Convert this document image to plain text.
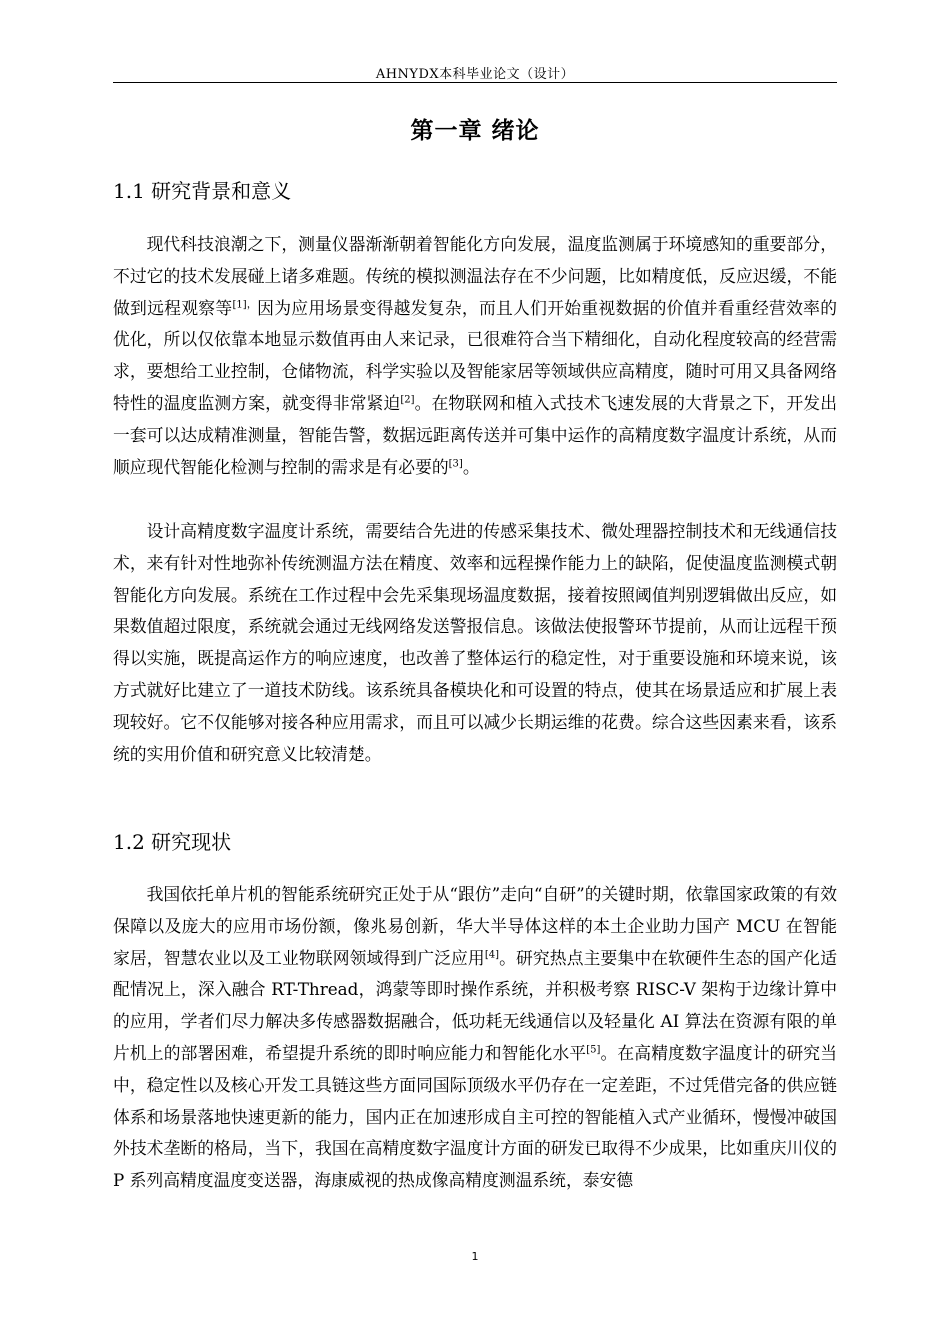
AHNYDX本科毕业论文（设计）
第一章 绪论
1.1 研究背景和意义

现代科技浪潮之下，测量仪器渐渐朝着智能化方向发展，温度监测属于环境感知的重要部分，不过它的技术发展碰上诸多难题。传统的模拟测温法存在不少问题，比如精度低，反应迟缓，不能做到远程观察等$^{[1],}$因为应用场景变得越发复杂，而且人们开始重视数据的价值并看重经营效率的优化，所以仅依靠本地显示数值再由人来记录，已很难符合当下精细化，自动化程度较高的经营需求，要想给工业控制，仓储物流，科学实验以及智能家居等领域供应高精度，随时可用又具备网络特性的温度监测方案，就变得非常紧迫[2]。在物联网和植入式技术飞速发展的大背景之下，开发出一套可以达成精准测量，智能告警，数据远距离传送并可集中运作的高精度数字温度计系统，从而顺应现代智能化检测与控制的需求是有必要的[3]。

设计高精度数字温度计系统，需要结合先进的传感采集技术、微处理器控制技术和无线通信技术，来有针对性地弥补传统测温方法在精度、效率和远程操作能力上的缺陷，促使温度监测模式朝智能化方向发展。系统在工作过程中会先采集现场温度数据，接着按照阈值判别逻辑做出反应，如果数值超过限度，系统就会通过无线网络发送警报信息。该做法使报警环节提前，从而让远程干预得以实施，既提高运作方的响应速度，也改善了整体运行的稳定性，对于重要设施和环境来说，该方式就好比建立了一道技术防线。该系统具备模块化和可设置的特点，使其在场景适应和扩展上表现较好。它不仅能够对接各种应用需求，而且可以减少长期运维的花费。综合这些因素来看，该系统的实用价值和研究意义比较清楚。

1.2 研究现状

我国依托单片机的智能系统研究正处于从“跟仿”走向“自研”的关键时期，依靠国家政策的有效保障以及庞大的应用市场份额，像兆易创新，华大半导体这样的本土企业助力国产 MCU 在智能家居，智慧农业以及工业物联网领域得到广泛应用[4]。研究热点主要集中在软硬件生态的国产化适配情况上，深入融合 RT-Thread，鸿蒙等即时操作系统，并积极考察 RISC-V 架构于边缘计算中的应用，学者们尽力解决多传感器数据融合，低功耗无线通信以及轻量化 AI 算法在资源有限的单片机上的部署困难，希望提升系统的即时响应能力和智能化水平[5]。在高精度数字温度计的研究当中，稳定性以及核心开发工具链这些方面同国际顶级水平仍存在一定差距，不过凭借完备的供应链体系和场景落地快速更新的能力，国内正在加速形成自主可控的智能植入式产业循环，慢慢冲破国外技术垄断的格局，当下，我国在高精度数字温度计方面的研发已取得不少成果，比如重庆川仪的 P 系列高精度温度变送器，海康威视的热成像高精度测温系统，泰安德

1
